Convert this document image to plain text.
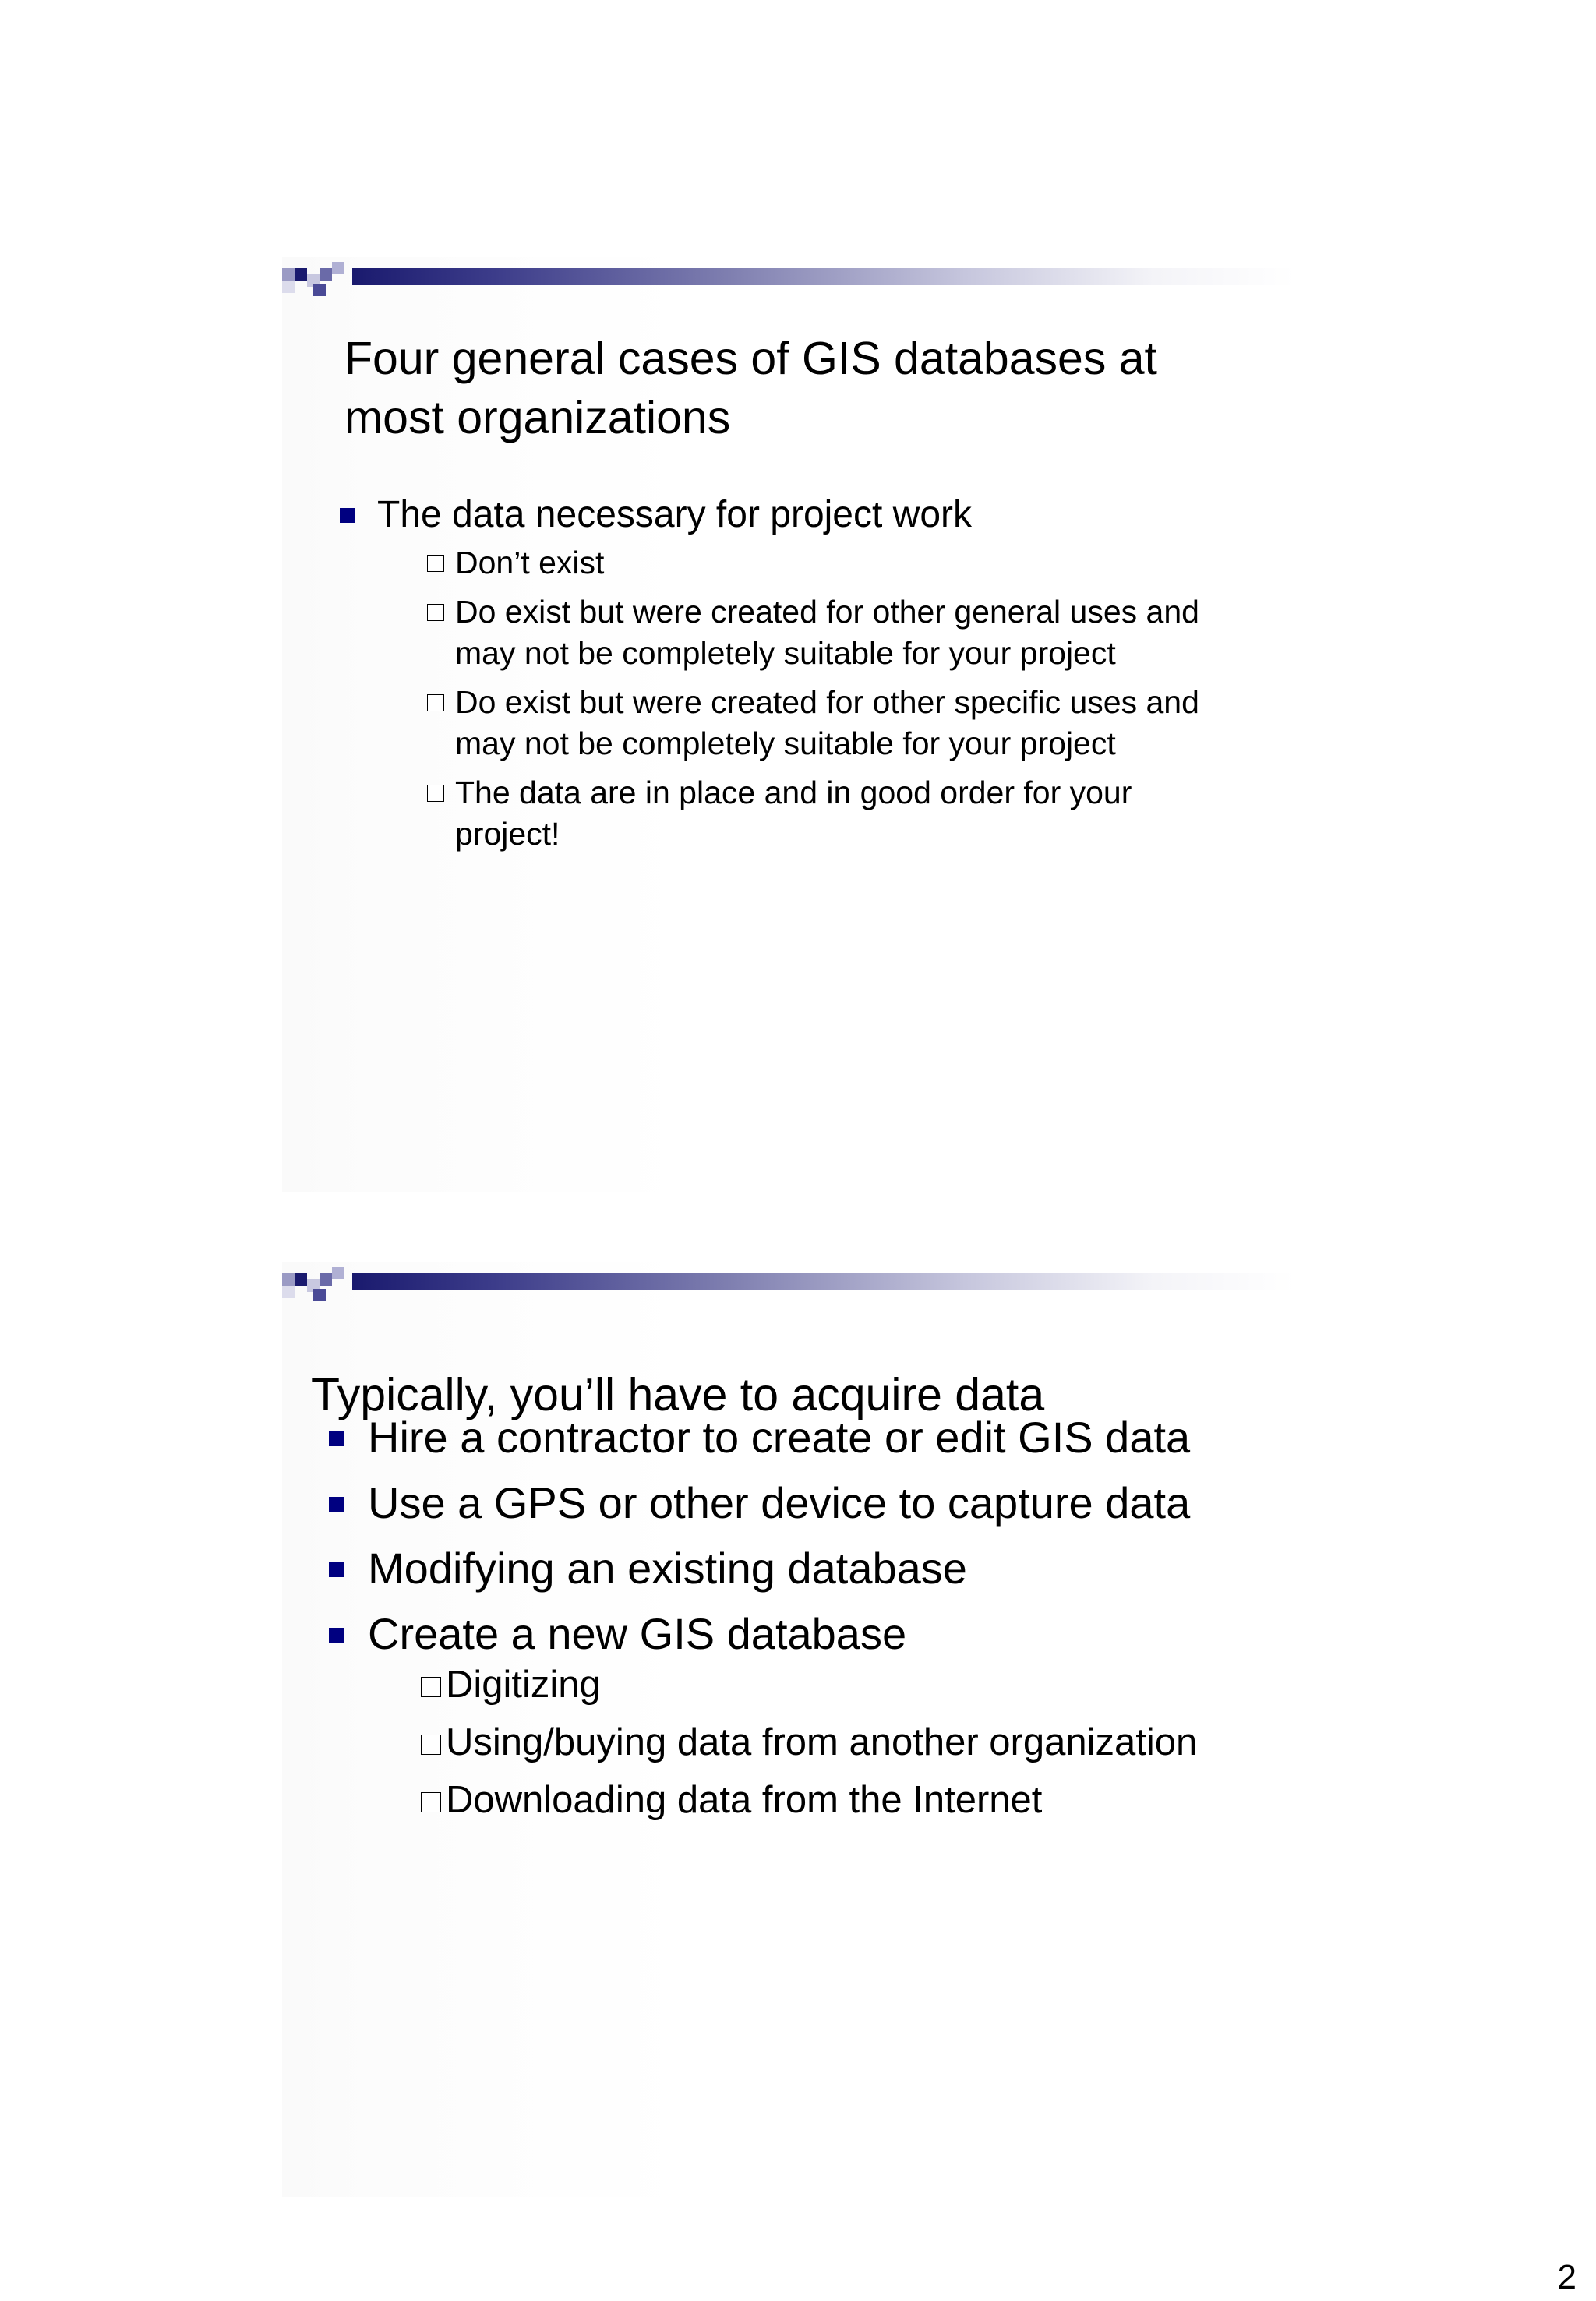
Four general cases of GIS databases at most organizations
The data necessary for project work
Don’t exist
Do exist but were created for other general uses and may not be completely suitable for your project
Do exist but were created for other specific uses and may not be completely suitable for your project
The data are in place and in good order for your project!
Typically, you’ll have to acquire data
Hire a contractor to create or edit GIS data
Use a GPS or other device to capture data
Modifying an existing database
Create a new GIS database
Digitizing
Using/buying data from another organization
Downloading data from the Internet
2
